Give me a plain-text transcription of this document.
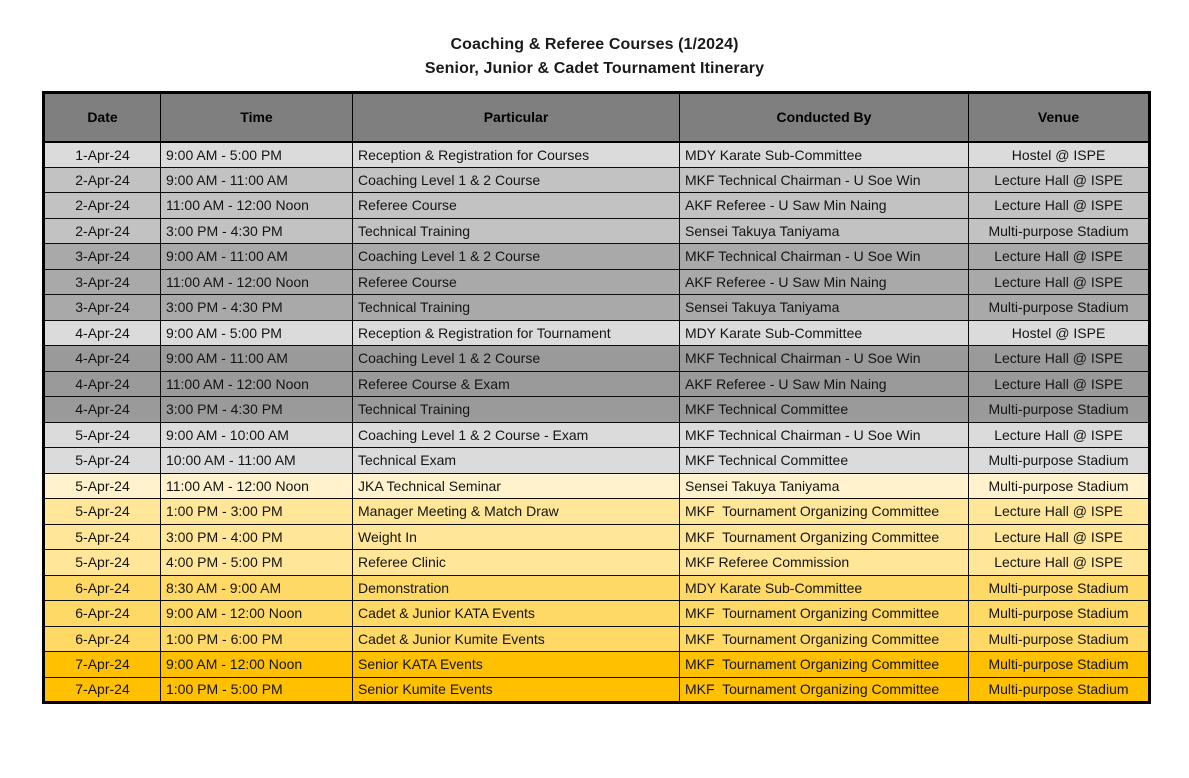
Coaching & Referee Courses (1/2024)
Senior, Junior & Cadet Tournament Itinerary
Date	Time	Particular	Conducted By	Venue
1-Apr-24	9:00 AM - 5:00 PM	Reception & Registration for Courses	MDY Karate Sub-Committee	Hostel @ ISPE
2-Apr-24	9:00 AM - 11:00 AM	Coaching Level 1 & 2 Course	MKF Technical Chairman - U Soe Win	Lecture Hall @ ISPE
2-Apr-24	11:00 AM - 12:00 Noon	Referee Course	AKF Referee - U Saw Min Naing	Lecture Hall @ ISPE
2-Apr-24	3:00 PM - 4:30 PM	Technical Training	Sensei Takuya Taniyama	Multi-purpose Stadium
3-Apr-24	9:00 AM - 11:00 AM	Coaching Level 1 & 2 Course	MKF Technical Chairman - U Soe Win	Lecture Hall @ ISPE
3-Apr-24	11:00 AM - 12:00 Noon	Referee Course	AKF Referee - U Saw Min Naing	Lecture Hall @ ISPE
3-Apr-24	3:00 PM - 4:30 PM	Technical Training	Sensei Takuya Taniyama	Multi-purpose Stadium
4-Apr-24	9:00 AM - 5:00 PM	Reception & Registration for Tournament	MDY Karate Sub-Committee	Hostel @ ISPE
4-Apr-24	9:00 AM - 11:00 AM	Coaching Level 1 & 2 Course	MKF Technical Chairman - U Soe Win	Lecture Hall @ ISPE
4-Apr-24	11:00 AM - 12:00 Noon	Referee Course & Exam	AKF Referee - U Saw Min Naing	Lecture Hall @ ISPE
4-Apr-24	3:00 PM - 4:30 PM	Technical Training	MKF Technical Committee	Multi-purpose Stadium
5-Apr-24	9:00 AM - 10:00 AM	Coaching Level 1 & 2 Course - Exam	MKF Technical Chairman - U Soe Win	Lecture Hall @ ISPE
5-Apr-24	10:00 AM - 11:00 AM	Technical Exam	MKF Technical Committee	Multi-purpose Stadium
5-Apr-24	11:00 AM - 12:00 Noon	JKA Technical Seminar	Sensei Takuya Taniyama	Multi-purpose Stadium
5-Apr-24	1:00 PM - 3:00 PM	Manager Meeting & Match Draw	MKF  Tournament Organizing Committee	Lecture Hall @ ISPE
5-Apr-24	3:00 PM - 4:00 PM	Weight In	MKF  Tournament Organizing Committee	Lecture Hall @ ISPE
5-Apr-24	4:00 PM - 5:00 PM	Referee Clinic	MKF Referee Commission	Lecture Hall @ ISPE
6-Apr-24	8:30 AM - 9:00 AM	Demonstration	MDY Karate Sub-Committee	Multi-purpose Stadium
6-Apr-24	9:00 AM - 12:00 Noon	Cadet & Junior KATA Events	MKF  Tournament Organizing Committee	Multi-purpose Stadium
6-Apr-24	1:00 PM - 6:00 PM	Cadet & Junior Kumite Events	MKF  Tournament Organizing Committee	Multi-purpose Stadium
7-Apr-24	9:00 AM - 12:00 Noon	Senior KATA Events	MKF  Tournament Organizing Committee	Multi-purpose Stadium
7-Apr-24	1:00 PM - 5:00 PM	Senior Kumite Events	MKF  Tournament Organizing Committee	Multi-purpose Stadium
